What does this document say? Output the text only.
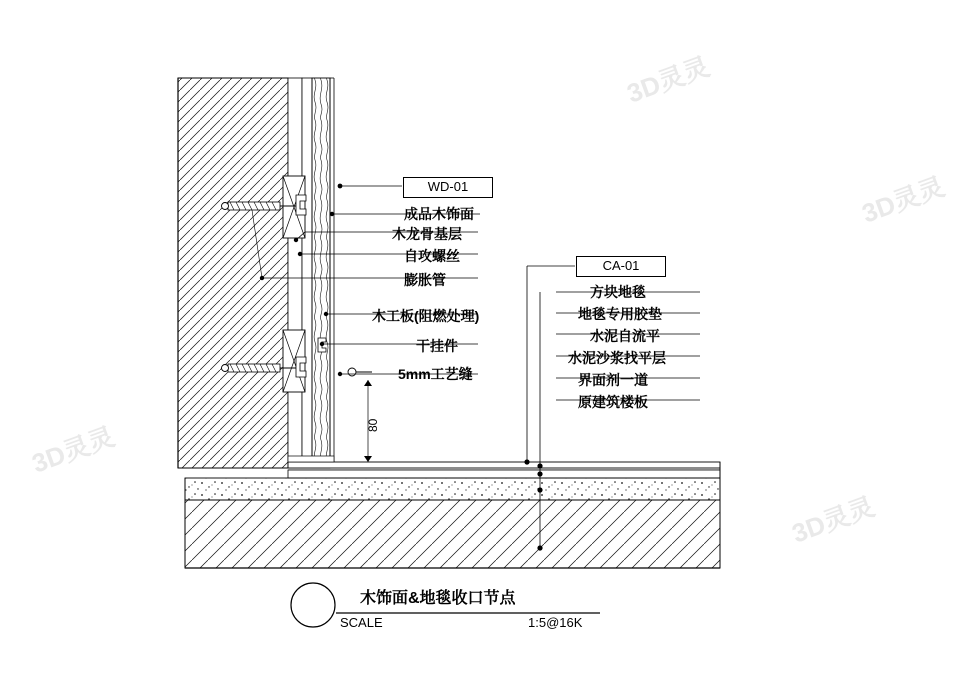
3D灵灵
3D灵灵
3D灵灵
3D灵灵
WD-01
CA-01
成品木饰面
木龙骨基层
自攻螺丝
膨胀管
木工板(阻燃处理)
干挂件
5mm工艺缝
方块地毯
地毯专用胶垫
水泥自流平
水泥沙浆找平层
界面剂一道
原建筑楼板
80
木饰面&地毯收口节点
SCALE	1:5@16K
